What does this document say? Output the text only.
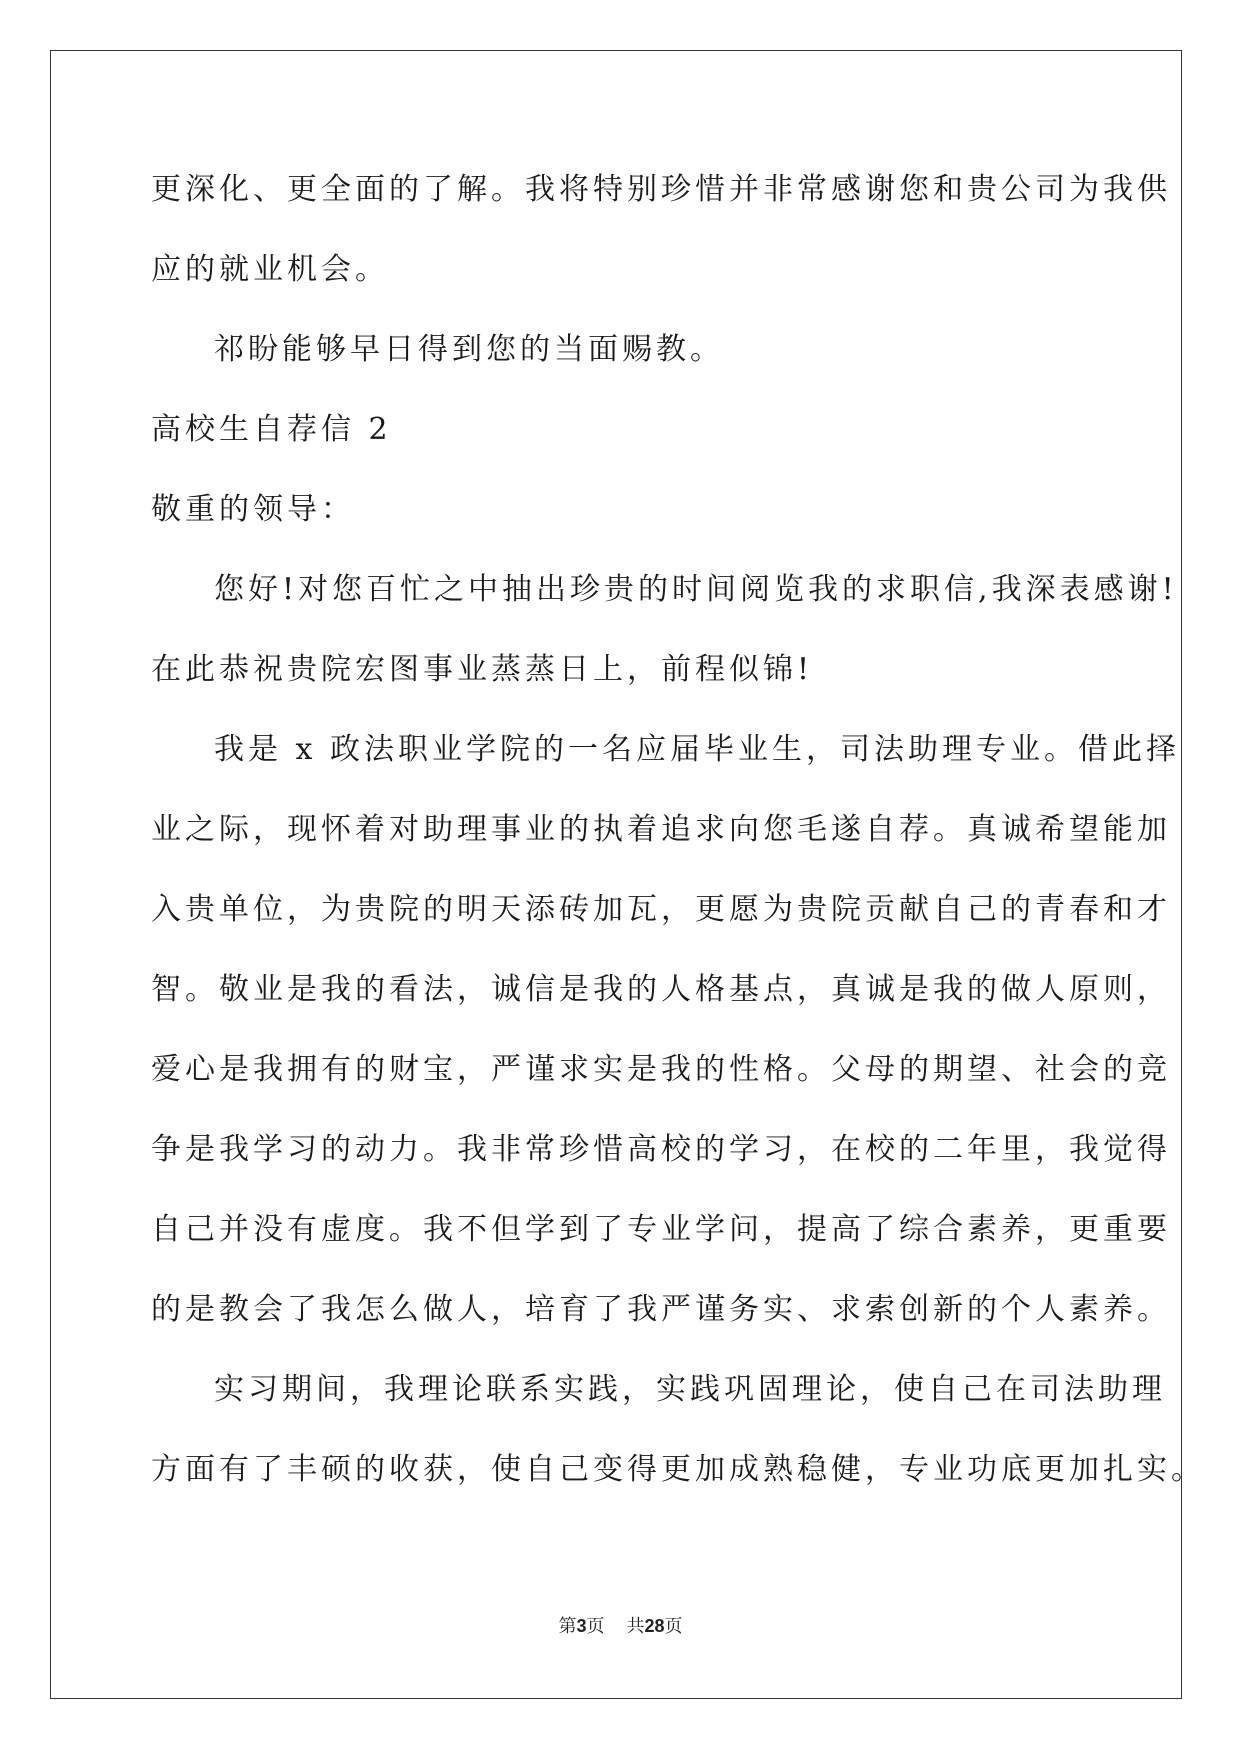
更深化、更全面的了解。我将特别珍惜并非常感谢您和贵公司为我供
应的就业机会。
祁盼能够早日得到您的当面赐教。
高校生自荐信 2
敬重的领导：
您好!对您百忙之中抽出珍贵的时间阅览我的求职信,我深表感谢!
在此恭祝贵院宏图事业蒸蒸日上，前程似锦!
我是 x 政法职业学院的一名应届毕业生，司法助理专业。借此择
业之际，现怀着对助理事业的执着追求向您毛遂自荐。真诚希望能加
入贵单位，为贵院的明天添砖加瓦，更愿为贵院贡献自己的青春和才
智。敬业是我的看法，诚信是我的人格基点，真诚是我的做人原则，
爱心是我拥有的财宝，严谨求实是我的性格。父母的期望、社会的竞
争是我学习的动力。我非常珍惜高校的学习，在校的二年里，我觉得
自己并没有虚度。我不但学到了专业学问，提高了综合素养，更重要
的是教会了我怎么做人，培育了我严谨务实、求索创新的个人素养。
实习期间，我理论联系实践，实践巩固理论，使自己在司法助理
方面有了丰硕的收获，使自己变得更加成熟稳健，专业功底更加扎实。
第3页 共28页
